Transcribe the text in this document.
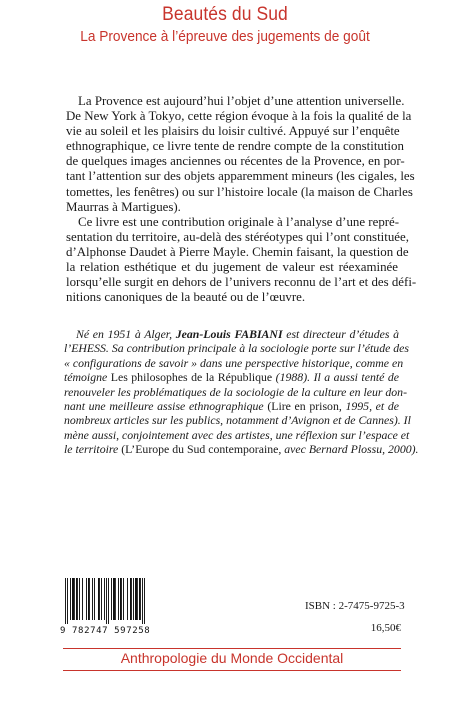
Beautés du Sud
La Provence à l’épreuve des jugements de goût
La Provence est aujourd’hui l’objet d’une attention universelle.
De New York à Tokyo, cette région évoque à la fois la qualité de la
vie au soleil et les plaisirs du loisir cultivé. Appuyé sur l’enquête
ethnographique, ce livre tente de rendre compte de la constitution
de quelques images anciennes ou récentes de la Provence, en por-
tant l’attention sur des objets apparemment mineurs (les cigales, les
tomettes, les fenêtres) ou sur l’histoire locale (la maison de Charles
Maurras à Martigues).
Ce livre est une contribution originale à l’analyse d’une repré-
sentation du territoire, au-delà des stéréotypes qui l’ont constituée,
d’Alphonse Daudet à Pierre Mayle. Chemin faisant, la question de
la relation esthétique et du jugement de valeur est réexaminée
lorsqu’elle surgit en dehors de l’univers reconnu de l’art et des défi-
nitions canoniques de la beauté ou de l’œuvre.
Né en 1951 à Alger, Jean-Louis FABIANI est directeur d’études à
l’EHESS. Sa contribution principale à la sociologie porte sur l’étude des
« configurations de savoir » dans une perspective historique, comme en
témoigne Les philosophes de la République (1988). Il a aussi tenté de
renouveler les problématiques de la sociologie de la culture en leur don-
nant une meilleure assise ethnographique (Lire en prison, 1995, et de
nombreux articles sur les publics, notamment d’Avignon et de Cannes). Il
mène aussi, conjointement avec des artistes, une réflexion sur l’espace et
le territoire (L’Europe du Sud contemporaine, avec Bernard Plossu, 2000).
9 782747 597258
ISBN : 2-7475-9725-3
16,50€
Anthropologie du Monde Occidental
